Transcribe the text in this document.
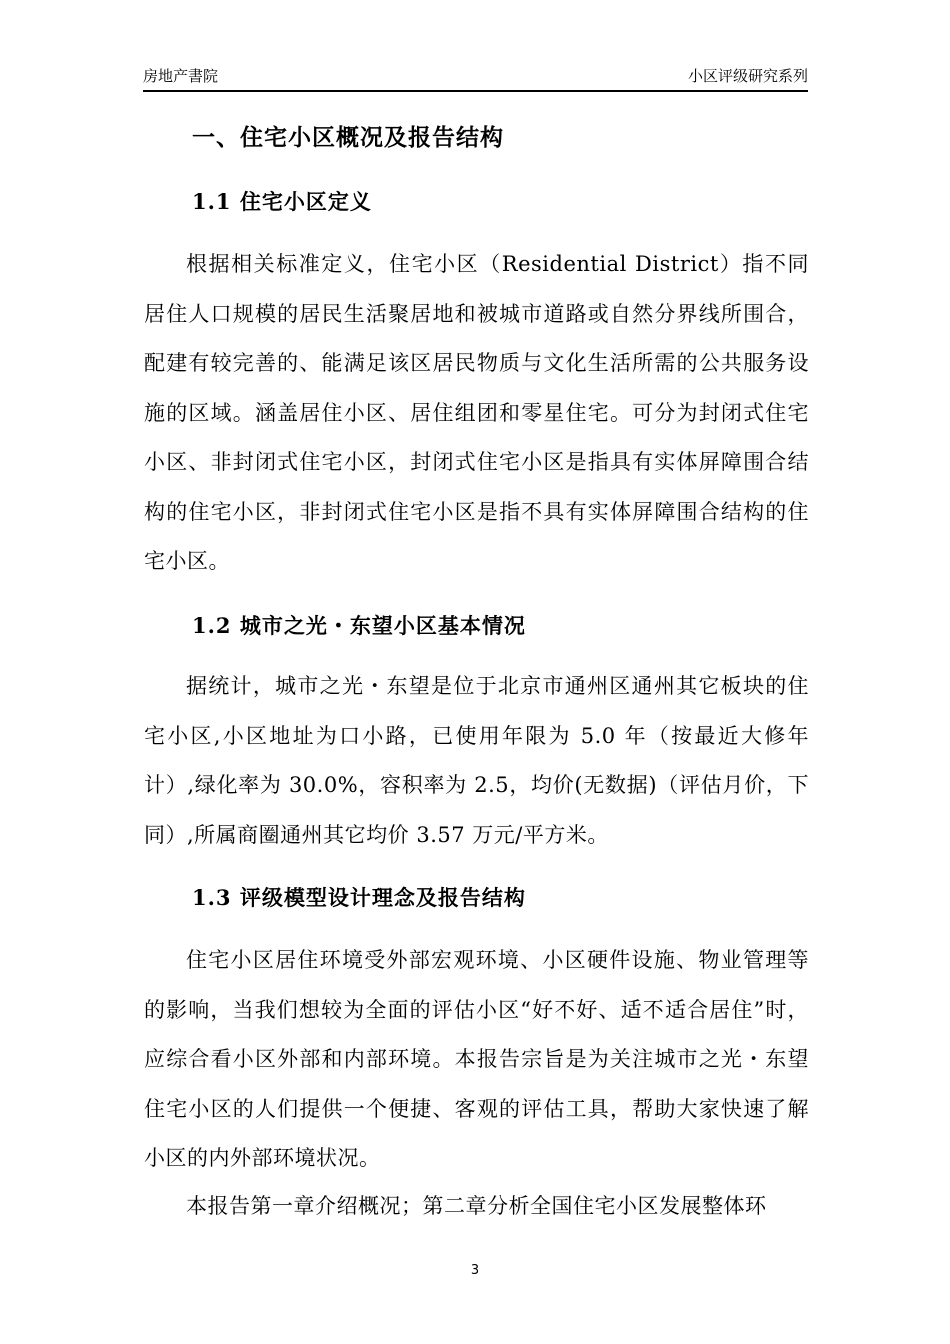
房地产書院	小区评级研究系列
一、住宅小区概况及报告结构
1.1 住宅小区定义

根据相关标准定义，住宅小区（Residential District）指不同居住人口规模的居民生活聚居地和被城市道路或自然分界线所围合，配建有较完善的、能满足该区居民物质与文化生活所需的公共服务设施的区域。涵盖居住小区、居住组团和零星住宅。可分为封闭式住宅小区、非封闭式住宅小区，封闭式住宅小区是指具有实体屏障围合结构的住宅小区，非封闭式住宅小区是指不具有实体屏障围合结构的住宅小区。

1.2 城市之光・东望小区基本情况

据统计，城市之光・东望是位于北京市通州区通州其它板块的住宅小区,小区地址为口小路，已使用年限为 5.0 年（按最近大修年计）,绿化率为 30.0%，容积率为 2.5，均价(无数据)（评估月价，下同）,所属商圈通州其它均价 3.57 万元/平方米。

1.3 评级模型设计理念及报告结构

住宅小区居住环境受外部宏观环境、小区硬件设施、物业管理等的影响，当我们想较为全面的评估小区“好不好、适不适合居住”时，应综合看小区外部和内部环境。本报告宗旨是为关注城市之光・东望住宅小区的人们提供一个便捷、客观的评估工具，帮助大家快速了解小区的内外部环境状况。

本报告第一章介绍概况；第二章分析全国住宅小区发展整体环

3
